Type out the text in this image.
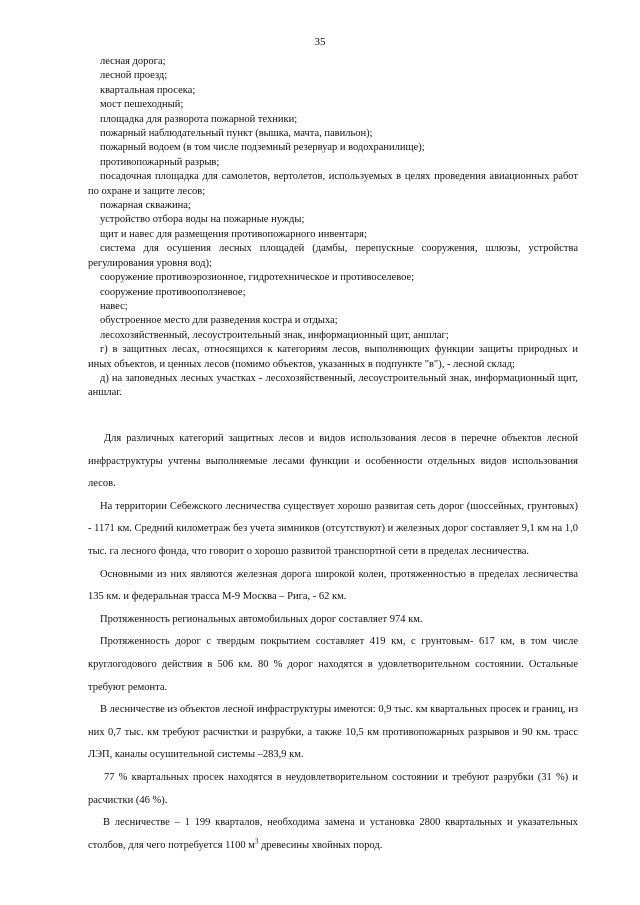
35

лесная дорога;

лесной проезд;

квартальная просека;

мост пешеходный;

площадка для разворота пожарной техники;

пожарный наблюдательный пункт (вышка, мачта, павильон);

пожарный водоем (в том числе подземный резервуар и водохранилище);

противопожарный разрыв;

посадочная площадка для самолетов, вертолетов, используемых в целях проведения авиационных работ по охране и защите лесов;

пожарная скважина;

устройство отбора воды на пожарные нужды;

щит и навес для размещения противопожарного инвентаря;

система для осушения лесных площадей (дамбы, перепускные сооружения, шлюзы, устройства регулирования уровня вод);

сооружение противоэрозионное, гидротехническое и противоселевое;

сооружение противооползневое;

навес;

обустроенное место для разведения костра и отдыха;

лесохозяйственный, лесоустроительный знак, информационный щит, аншлаг;

г) в защитных лесах, относящихся к категориям лесов, выполняющих функции защиты природных и иных объектов, и ценных лесов (помимо объектов, указанных в подпункте "в"), - лесной склад;

д) на заповедных лесных участках - лесохозяйственный, лесоустроительный знак, информационный щит, аншлаг.

Для различных категорий защитных лесов и видов использования лесов в перечне объектов лесной инфраструктуры учтены выполняемые лесами функции и особенности отдельных видов использования лесов.

На территории Себежского лесничества существует хорошо развитая сеть дорог (шоссейных, грунтовых) - 1171 км. Средний километраж без учета зимников (отсутствуют) и железных дорог составляет 9,1 км на 1,0 тыс. га лесного фонда, что говорит о хорошо развитой транспортной сети в пределах лесничества.

Основными из них являются железная дорога широкой колеи, протяженностью в пределах лесничества 135 км. и федеральная трасса М-9 Москва – Рига, - 62 км.

Протяженность региональных автомобильных дорог составляет 974 км.

Протяженность дорог с твердым покрытием составляет 419 км, с грунтовым- 617 км, в том числе круглогодового действия в 506 км. 80 % дорог находятся в удовлетворительном состоянии. Остальные требуют ремонта.

В лесничестве из объектов лесной инфраструктуры имеются: 0,9 тыс. км квартальных просек и границ, из них 0,7 тыс. км требуют расчистки и разрубки, а также 10,5 км противопожарных разрывов и 90 км. трасс ЛЭП, каналы осушительной системы –283,9 км.

77 % квартальных просек находятся в неудовлетворительном состоянии и требуют разрубки (31 %) и расчистки (46 %).

В лесничестве – 1 199 кварталов, необходима замена и установка 2800 квартальных и указательных столбов, для чего потребуется 1100 $м^3$ древесины хвойных пород.
